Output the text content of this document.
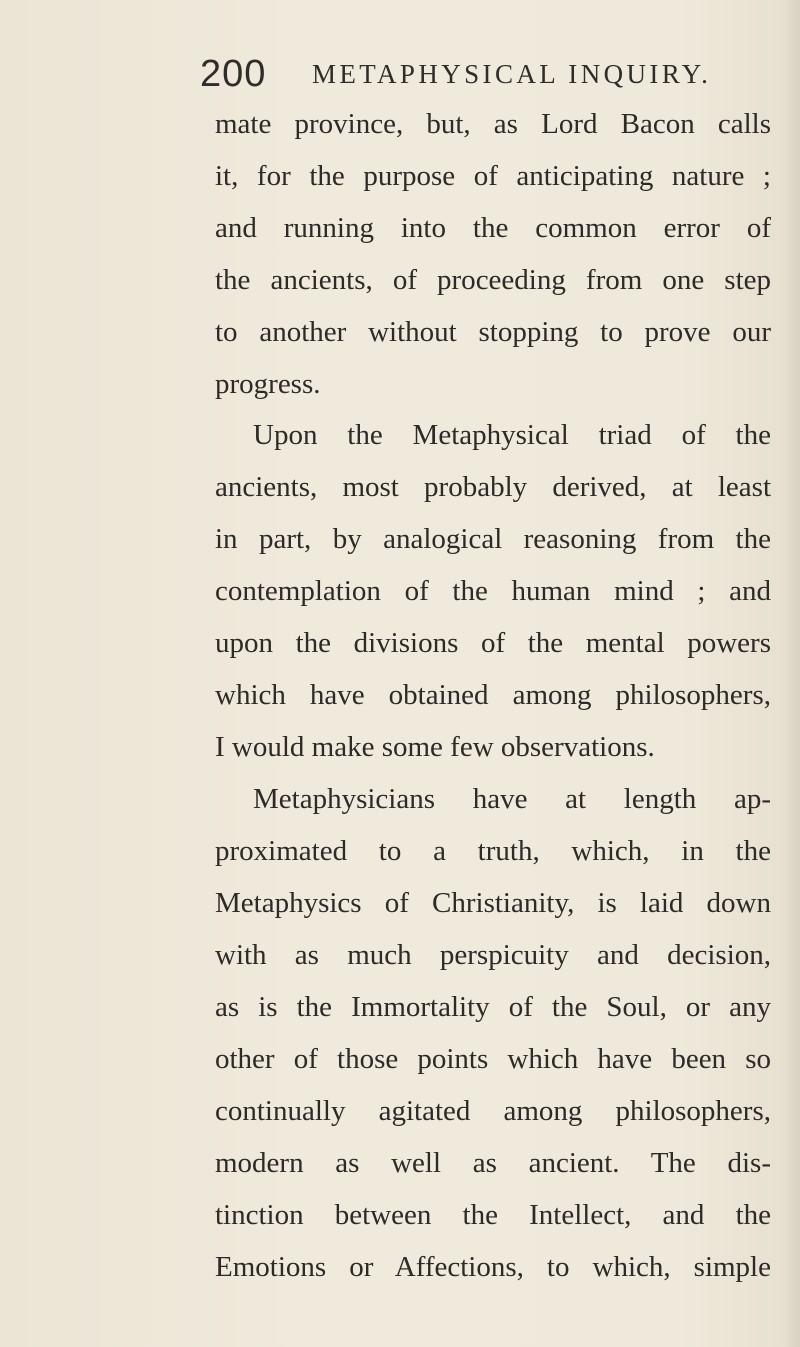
200 METAPHYSICAL INQUIRY.
mate province, but, as Lord Bacon calls
it, for the purpose of anticipating nature ;
and running into the common error of
the ancients, of proceeding from one step
to another without stopping to prove our
progress.
Upon the Metaphysical triad of the
ancients, most probably derived, at least
in part, by analogical reasoning from the
contemplation of the human mind ; and
upon the divisions of the mental powers
which have obtained among philosophers,
I would make some few observations.
Metaphysicians have at length ap-
proximated to a truth, which, in the
Metaphysics of Christianity, is laid down
with as much perspicuity and decision,
as is the Immortality of the Soul, or any
other of those points which have been so
continually agitated among philosophers,
modern as well as ancient. The dis-
tinction between the Intellect, and the
Emotions or Affections, to which, simple
